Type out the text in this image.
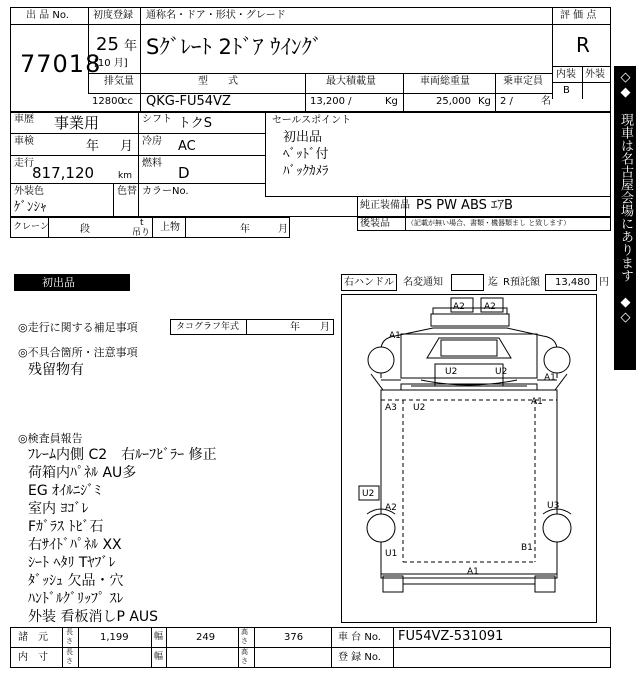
出 品 No.
77018
初度登録
25 年
[10 月]
通称名・ドア・形状・グレード
Sｸﾞﾚｰﾄ 2ﾄﾞｱ ｳｲﾝｸﾞ
評 価 点
R
内装 外装
B
排気量
12800
cc
型　　式
QKG-FU54VZ
最大積載量
13,200 /	Kg
車両総重量
25,000 Kg
乗車定員
2 /	名
車歴 事業用	シフト トクS
車検	年 月 冷房 AC
走行
817,120	km
燃料
D
外装色
ｹﾞﾝｼｬ
色替 カラーNo.
セールスポイント
初出品
ﾍﾞｯﾄﾞ付
ﾊﾞｯｸｶﾒﾗ
純正装備品 PS PW ABS ｴｱB
後装品 （記載が無い場合、書類・機器類まし と致します）
クレーン	段
t
吊り 上物	年	月
初出品	右ハンドル 名変通知	迄 R預託額 13,480 円
◎走行に関する補足事項	タコグラフ年式	年 月
◎不具合箇所・注意事項
残留物有
◎検査員報告
ﾌﾚｰﾑ内側 C2　右ﾙｰﾌﾋﾞﾗｰ 修正
荷箱内ﾊﾟﾈﾙ AU多
EG ｵｲﾙﾆｼﾞﾐ
室内 ﾖｺﾞﾚ
Fｶﾞﾗｽ ﾄﾋﾞ石
右ｻｲﾄﾞﾊﾟﾈﾙ XX
ｼｰﾄ ﾍﾀﾘ Tﾔﾌﾞﾚ
ﾀﾞｯｼｭ 欠品・穴
ﾊﾝﾄﾞﾙｸﾞﾘｯﾌﾟ ｽﾚ
外装 看板消しP AUS
A2 A2
A1
U2	U2
A1
A1
A3 U2
U2
A2	U3
U1
B1
A1
諸　元	長さ	1,199	幅	249	高さ	376	車 台 No. FU54VZ-531091
内　寸	長さ	幅	高さ	登 録 No.
◇◆　現車は名古屋会場にあります　◆◇
